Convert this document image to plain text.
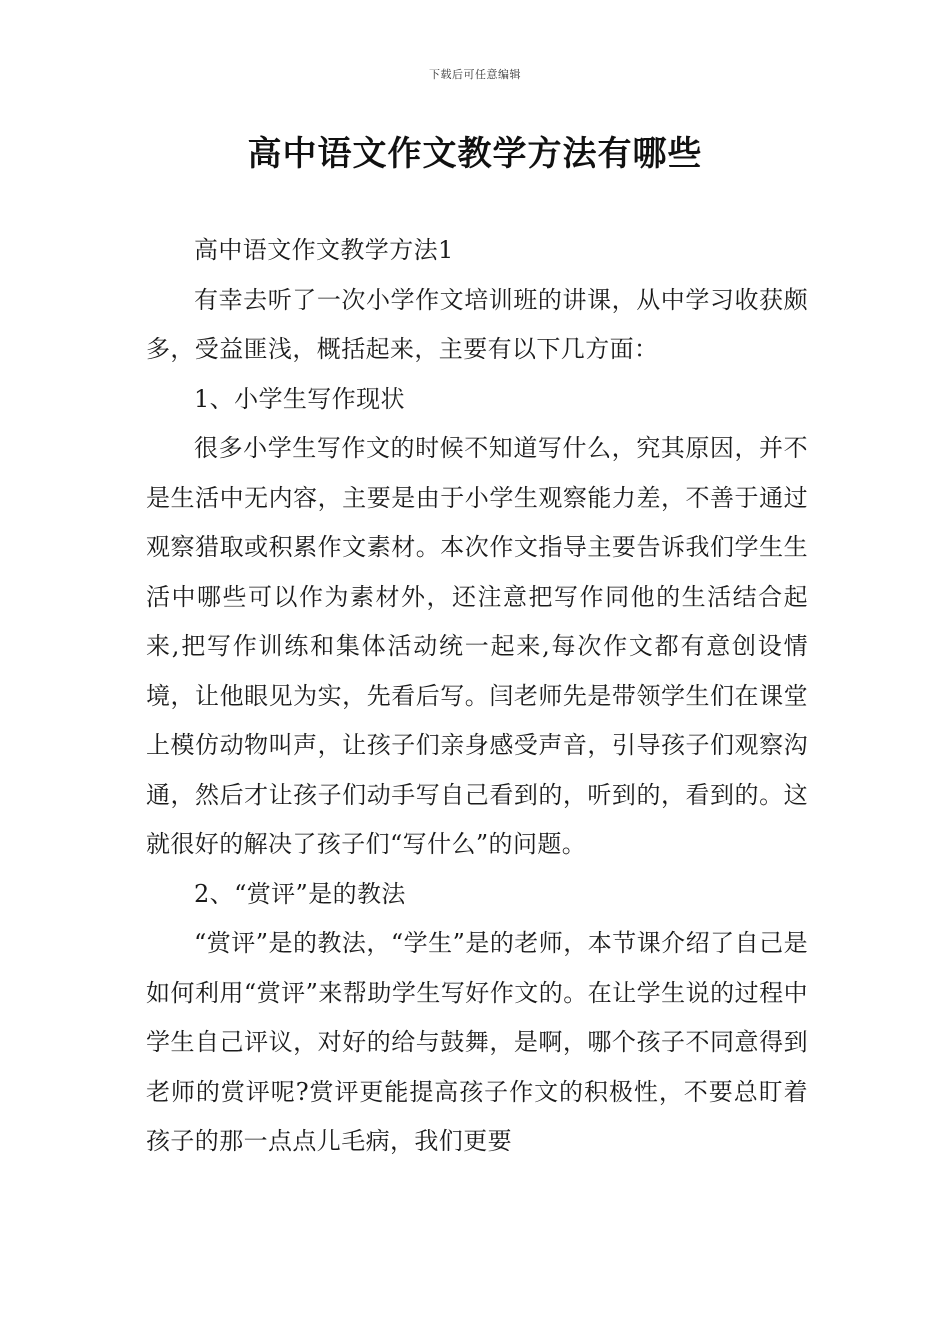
下载后可任意编辑
高中语文作文教学方法有哪些

高中语文作文教学方法1

有幸去听了一次小学作文培训班的讲课，从中学习收获颇多，受益匪浅，概括起来，主要有以下几方面：

1、小学生写作现状

很多小学生写作文的时候不知道写什么，究其原因，并不是生活中无内容，主要是由于小学生观察能力差，不善于通过观察猎取或积累作文素材。本次作文指导主要告诉我们学生生活中哪些可以作为素材外，还注意把写作同他的生活结合起来,把写作训练和集体活动统一起来,每次作文都有意创设情境，让他眼见为实，先看后写。闫老师先是带领学生们在课堂上模仿动物叫声，让孩子们亲身感受声音，引导孩子们观察沟通，然后才让孩子们动手写自己看到的，听到的，看到的。这就很好的解决了孩子们“写什么”的问题。

2、“赏评”是的教法

“赏评”是的教法，“学生”是的老师，本节课介绍了自己是如何利用“赏评”来帮助学生写好作文的。在让学生说的过程中学生自己评议，对好的给与鼓舞，是啊，哪个孩子不同意得到老师的赏评呢?赏评更能提高孩子作文的积极性，不要总盯着孩子的那一点点儿毛病，我们更要
